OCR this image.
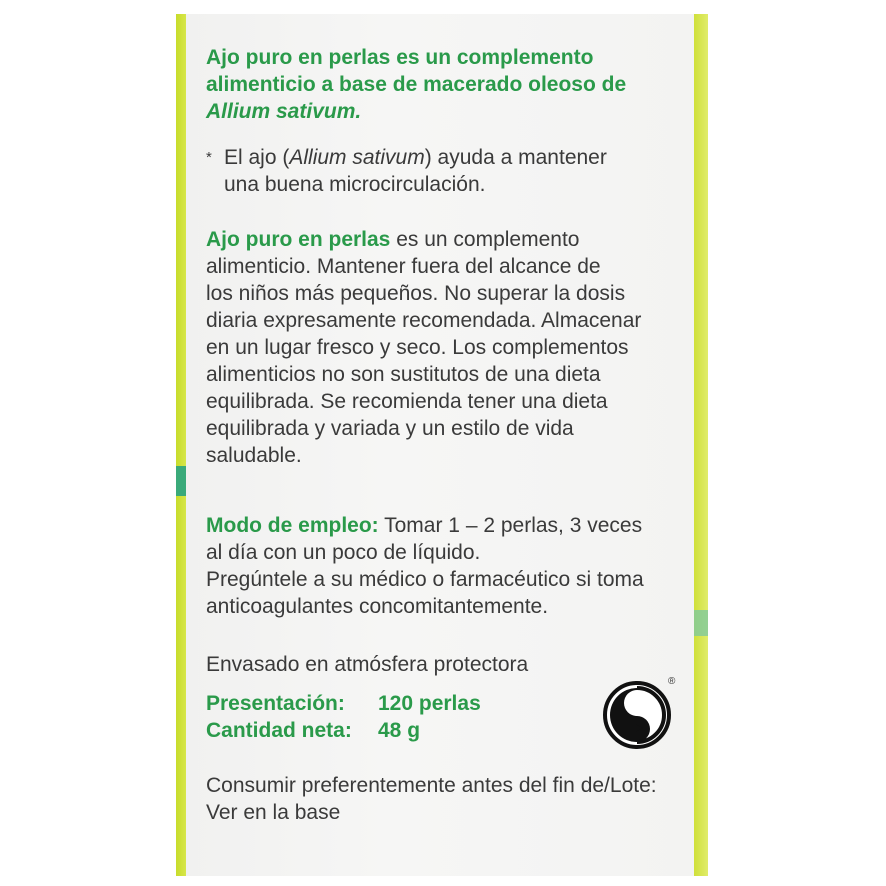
Ajo puro en perlas es un complemento
alimenticio a base de macerado oleoso de
Allium sativum.
* El ajo (Allium sativum) ayuda a mantener
una buena microcirculación.
Ajo puro en perlas es un complemento
alimenticio. Mantener fuera del alcance de
los niños más pequeños. No superar la dosis
diaria expresamente recomendada. Almacenar
en un lugar fresco y seco. Los complementos
alimenticios no son sustitutos de una dieta
equilibrada. Se recomienda tener una dieta
equilibrada y variada y un estilo de vida
saludable.
Modo de empleo: Tomar 1 – 2 perlas, 3 veces
al día con un poco de líquido.
Pregúntele a su médico o farmacéutico si toma
anticoagulantes concomitantemente.
Envasado en atmósfera protectora
Presentación:	120 perlas
Cantidad neta:	48 g
Consumir preferentemente antes del fin de/Lote:
Ver en la base
®
